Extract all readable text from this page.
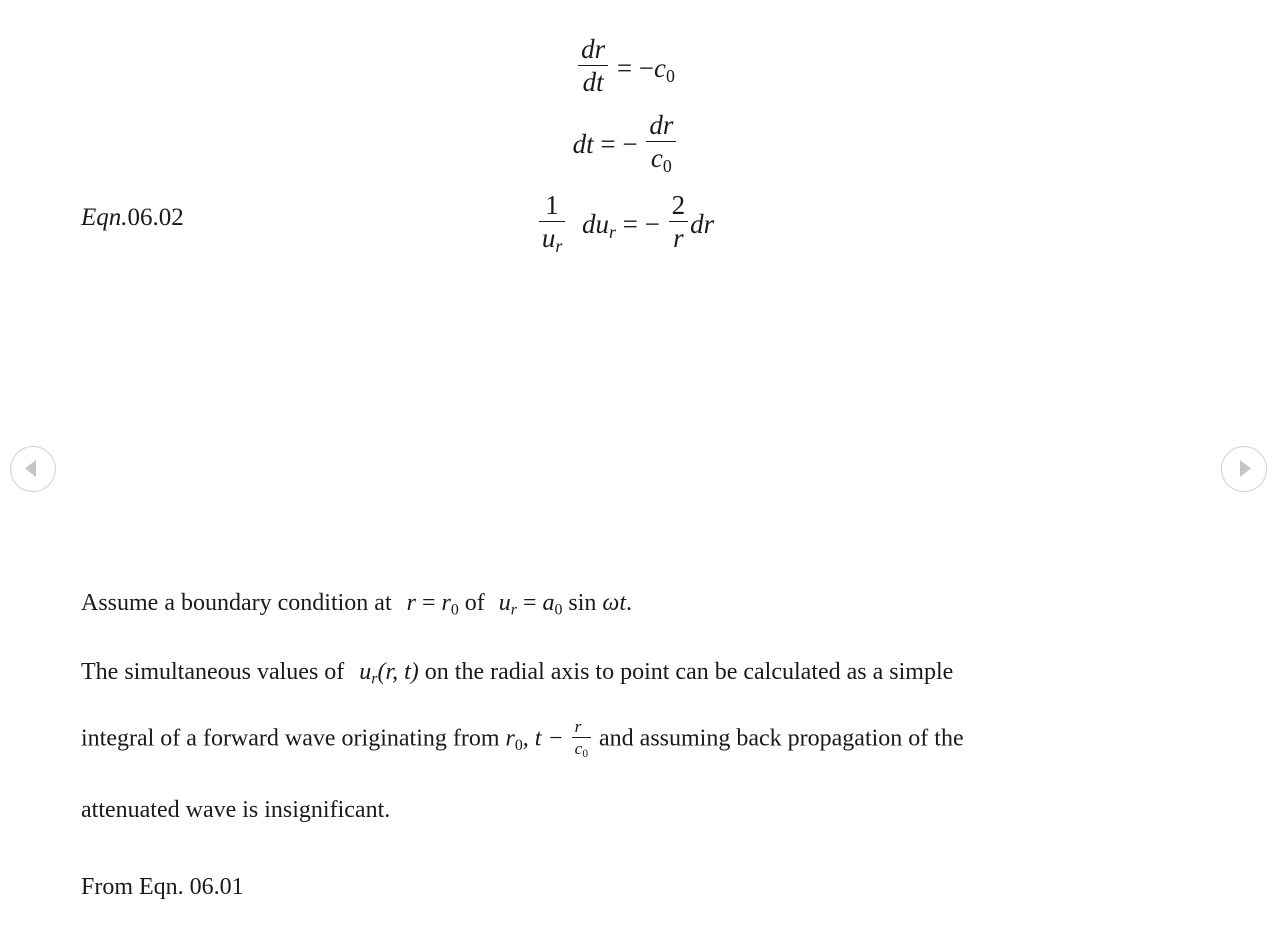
$\frac{dr}{dt} = -c0$
dt = − $\frac{dr}{c0}$
$\frac{1}{u_r} du_r$ = − $\frac{2}{r}$ dr
Eqn.06.02
Assume a boundary condition at r = r0 of $u_r = a0$ sin ωt.
The simultaneous values of $u_r(r$, t) on the radial axis to point can be calculated as a simple
integral of a forward wave originating from r0, $t - \frac{r}{c0}$ and assuming back propagation of the
attenuated wave is insignificant.
From Eqn. 06.01
